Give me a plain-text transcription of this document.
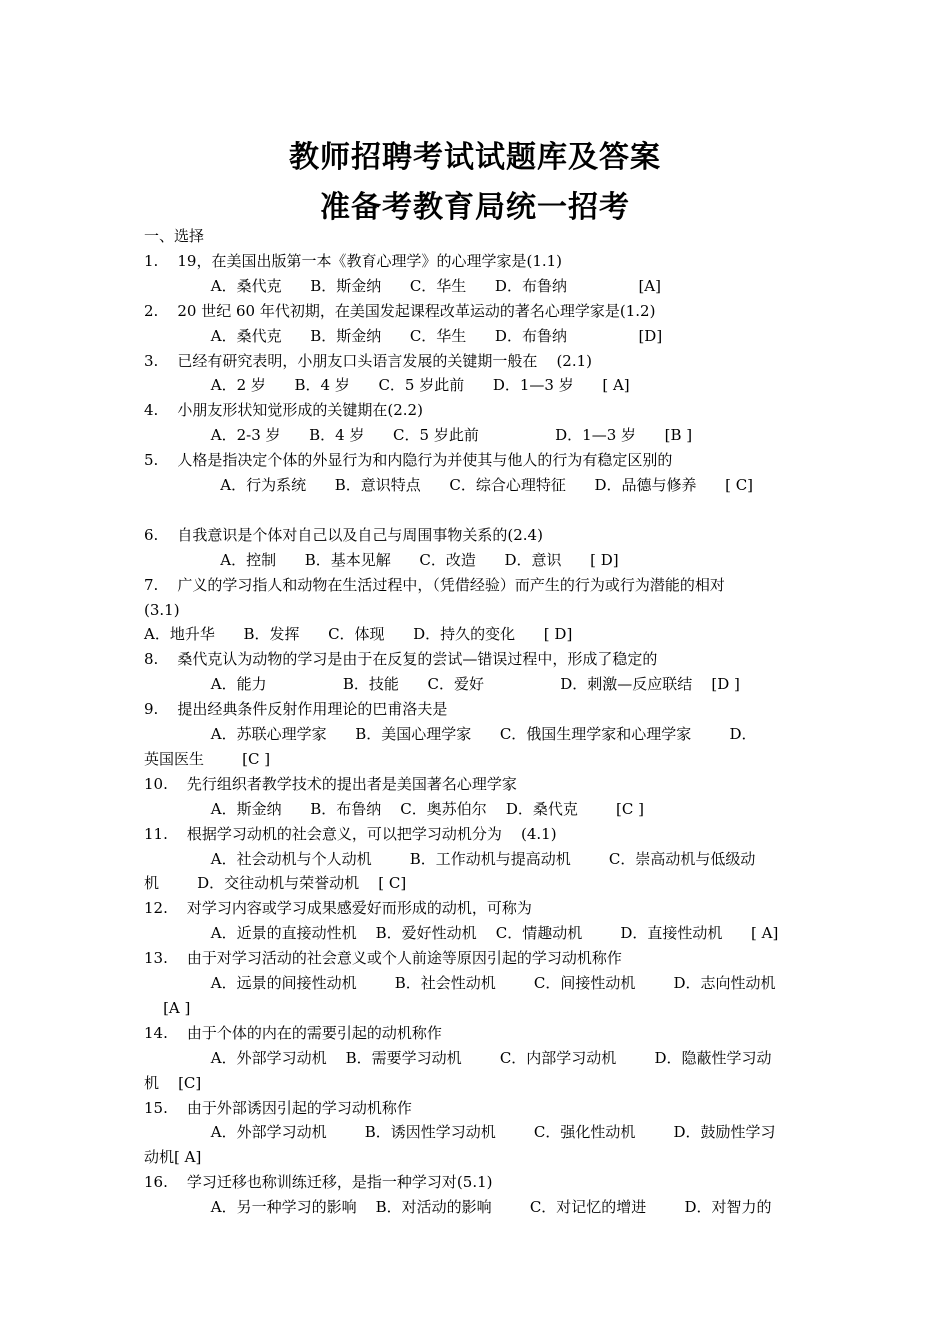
教师招聘考试试题库及答案
准备考教育局统一招考
一、选择
1.    19，在美国出版第一本《教育心理学》的心理学家是(1.1)
A．桑代克      B．斯金纳      C．华生      D．布鲁纳               [A]
2.    20 世纪 60 年代初期，在美国发起课程改革运动的著名心理学家是(1.2)
A．桑代克      B．斯金纳      C．华生      D．布鲁纳               [D]
3.    已经有研究表明，小朋友口头语言发展的关键期一般在    (2.1)
A．2 岁      B．4 岁      C．5 岁此前      D．1—3 岁      [ A]
4.    小朋友形状知觉形成的关键期在(2.2)
A．2-3 岁      B．4 岁      C．5 岁此前                D．1—3 岁      [B ]
5.    人格是指决定个体的外显行为和内隐行为并使其与他人的行为有稳定区别的
A．行为系统      B．意识特点      C．综合心理特征      D．品德与修养      [ C]
6.    自我意识是个体对自己以及自己与周围事物关系的(2.4)
A．控制      B．基本见解      C．改造      D．意识      [ D]
7.    广义的学习指人和动物在生活过程中，（凭借经验）而产生的行为或行为潜能的相对
(3.1)
A．地升华      B．发挥      C．体现      D．持久的变化      [ D]
8.    桑代克认为动物的学习是由于在反复的尝试—错误过程中，形成了稳定的
A．能力                B．技能      C．爱好                D．刺激—反应联结    [D ]
9.    提出经典条件反射作用理论的巴甫洛夫是
A．苏联心理学家      B．美国心理学家      C．俄国生理学家和心理学家        D．
英国医生        [C ]
10.    先行组织者教学技术的提出者是美国著名心理学家
A．斯金纳      B．布鲁纳    C．奥苏伯尔    D．桑代克        [C ]
11.    根据学习动机的社会意义，可以把学习动机分为    (4.1)
A．社会动机与个人动机        B．工作动机与提高动机        C．崇高动机与低级动
机        D．交往动机与荣誉动机    [ C]
12.    对学习内容或学习成果感爱好而形成的动机，可称为
A．近景的直接动性机    B．爱好性动机    C．情趣动机        D．直接性动机      [ A]
13.    由于对学习活动的社会意义或个人前途等原因引起的学习动机称作
A．远景的间接性动机        B．社会性动机        C．间接性动机        D．志向性动机
[A ]
14.    由于个体的内在的需要引起的动机称作
A．外部学习动机    B．需要学习动机        C．内部学习动机        D．隐蔽性学习动
机    [C]
15.    由于外部诱因引起的学习动机称作
A．外部学习动机        B．诱因性学习动机        C．强化性动机        D．鼓励性学习
动机[ A]
16.    学习迁移也称训练迁移，是指一种学习对(5.1)
A．另一种学习的影响    B．对活动的影响        C．对记忆的增进        D．对智力的
